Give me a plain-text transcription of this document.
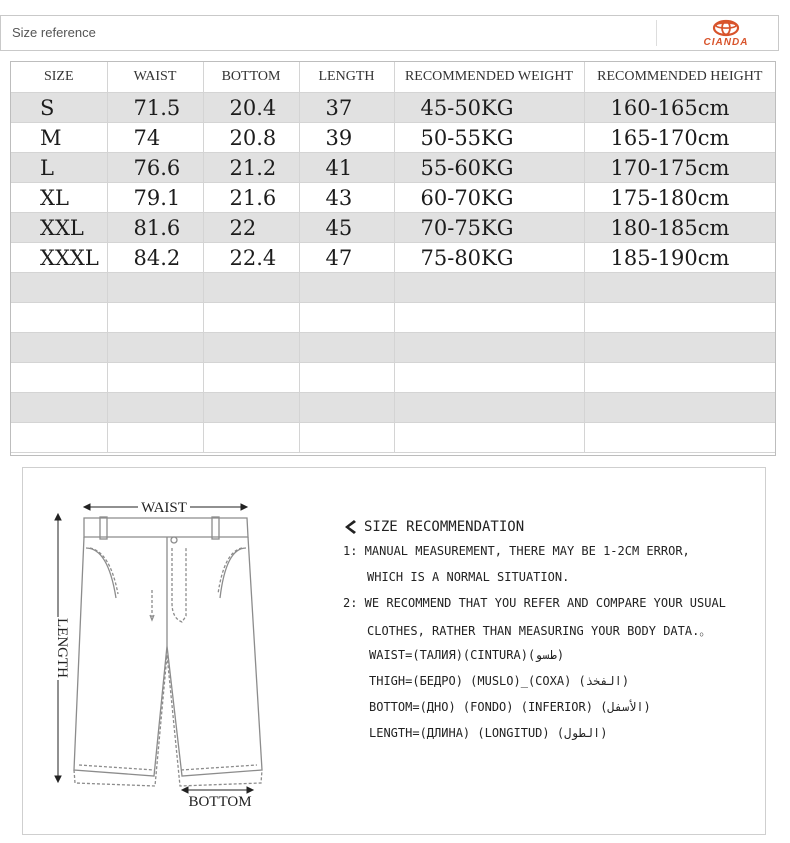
Size reference
CIANDA
SIZE	WAIST	BOTTOM	LENGTH	RECOMMENDED WEIGHT	RECOMMENDED HEIGHT
S	71.5	20.4	37	45-50KG	160-165cm
M	74	20.8	39	50-55KG	165-170cm
L	76.6	21.2	41	55-60KG	170-175cm
XL	79.1	21.6	43	60-70KG	175-180cm
XXL	81.6	22	45	70-75KG	180-185cm
XXXL	84.2	22.4	47	75-80KG	185-190cm

WAIST
LENGTH
BOTTOM
SIZE RECOMMENDATION
1: MANUAL MEASUREMENT, THERE MAY BE 1-2CM ERROR,
WHICH IS A NORMAL SITUATION.
2: WE RECOMMEND THAT YOU REFER AND COMPARE YOUR USUAL
CLOTHES, RATHER THAN MEASURING YOUR BODY DATA.。
WAIST=(ТАЛИЯ)(CINTURA)(طسو)
THIGH=(БЕДРО) (MUSLO)_(COXA) (الفخذ)
BOTTOM=(ДНО) (FONDO) (INFERIOR) (الأسفل)
LENGTH=(ДЛИНА) (LONGITUD) (الطول)
